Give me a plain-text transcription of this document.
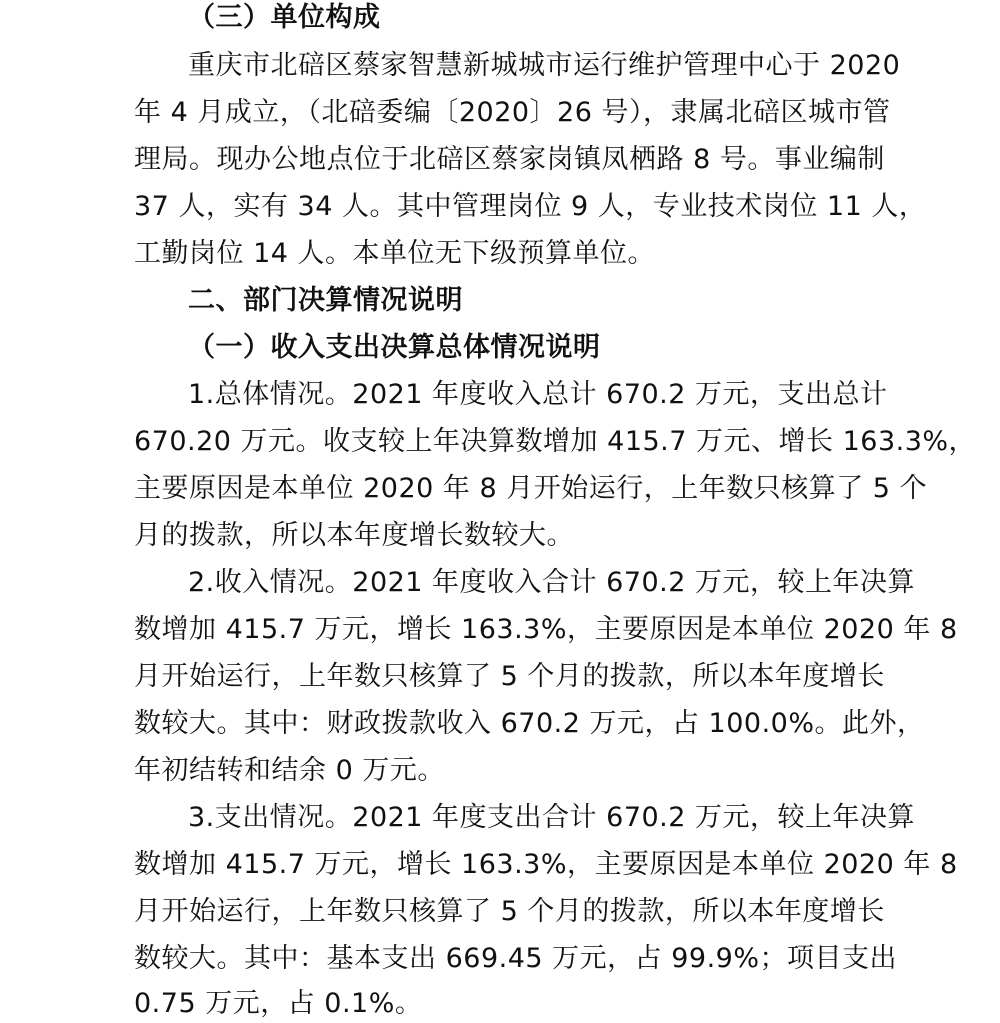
（三）单位构成
重庆市北碚区蔡家智慧新城城市运行维护管理中心于 2020
年 4 月成立，（北碚委编〔2020〕26 号），隶属北碚区城市管
理局。现办公地点位于北碚区蔡家岗镇凤栖路 8 号。事业编制
37 人，实有 34 人。其中管理岗位 9 人，专业技术岗位 11 人，
工勤岗位 14 人。本单位无下级预算单位。
二、部门决算情况说明
（一）收入支出决算总体情况说明
1.总体情况。2021 年度收入总计 670.2 万元，支出总计
670.20 万元。收支较上年决算数增加 415.7 万元、增长 163.3%，
主要原因是本单位 2020 年 8 月开始运行，上年数只核算了 5 个
月的拨款，所以本年度增长数较大。
2.收入情况。2021 年度收入合计 670.2 万元，较上年决算
数增加 415.7 万元，增长 163.3%，主要原因是本单位 2020 年 8
月开始运行，上年数只核算了 5 个月的拨款，所以本年度增长
数较大。其中：财政拨款收入 670.2 万元，占 100.0%。此外，
年初结转和结余 0 万元。
3.支出情况。2021 年度支出合计 670.2 万元，较上年决算
数增加 415.7 万元，增长 163.3%，主要原因是本单位 2020 年 8
月开始运行，上年数只核算了 5 个月的拨款，所以本年度增长
数较大。其中：基本支出 669.45 万元，占 99.9%；项目支出
0.75 万元，占 0.1%。
